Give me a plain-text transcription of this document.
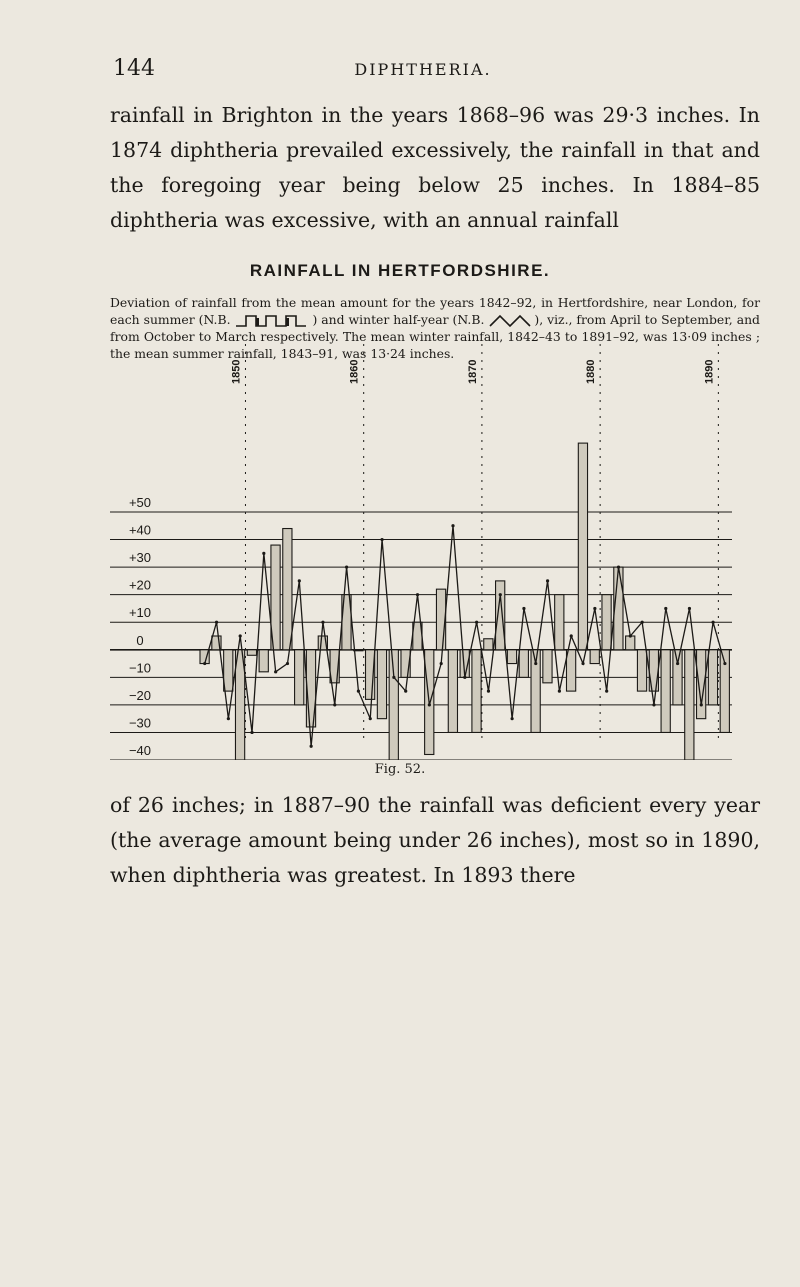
144	DIPHTHERIA.

rainfall in Brighton in the years 1868–96 was 29·3 inches. In 1874 diphtheria prevailed excessively, the rainfall in that and the foregoing year being below 25 inches. In 1884–85 diphtheria was excessive, with an annual rainfall

RAINFALL IN HERTFORDSHIRE.

Deviation of rainfall from the mean amount for the years 1842–92, in Hertfordshire, near London, for each summer (N.B.	) and winter half-year (N.B.	), viz., from April to September, and from October to March respectively. The mean winter rainfall, 1842–43 to 1891–92, was 13·09 inches ; the mean summer rainfall, 1843–91, was 13·24 inches.

+50
+40
+30
+20
+10
0
−10
−20
−30
−40
1850	1860	1870	1880	1890
Fig. 52.

of 26 inches; in 1887–90 the rainfall was deficient every year (the average amount being under 26 inches), most so in 1890, when diphtheria was greatest. In 1893 there
